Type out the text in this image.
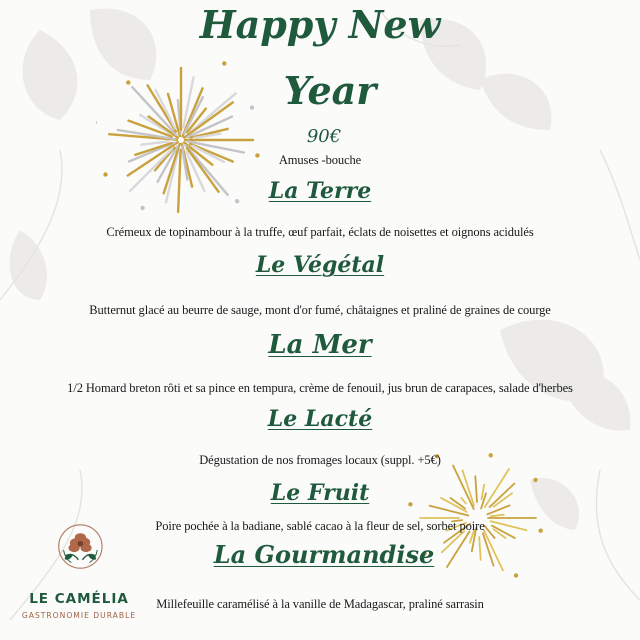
Happy New
Year
90€
Amuses -bouche
La Terre
Crémeux de topinambour à la truffe, œuf parfait, éclats de noisettes et oignons acidulés
Le Végétal
Butternut glacé au beurre de sauge, mont d'or fumé, châtaignes et praliné de graines de courge
La Mer
1/2 Homard breton rôti et sa pince en tempura, crème de fenouil, jus brun de carapaces, salade d'herbes
Le Lacté
Dégustation de nos fromages locaux (suppl. +5€)
Le Fruit
Poire pochée à la badiane, sablé cacao à la fleur de sel, sorbet poire
La Gourmandise
Millefeuille caramélisé à la vanille de Madagascar, praliné sarrasin
LE CAMÉLIA
GASTRONOMIE DURABLE
